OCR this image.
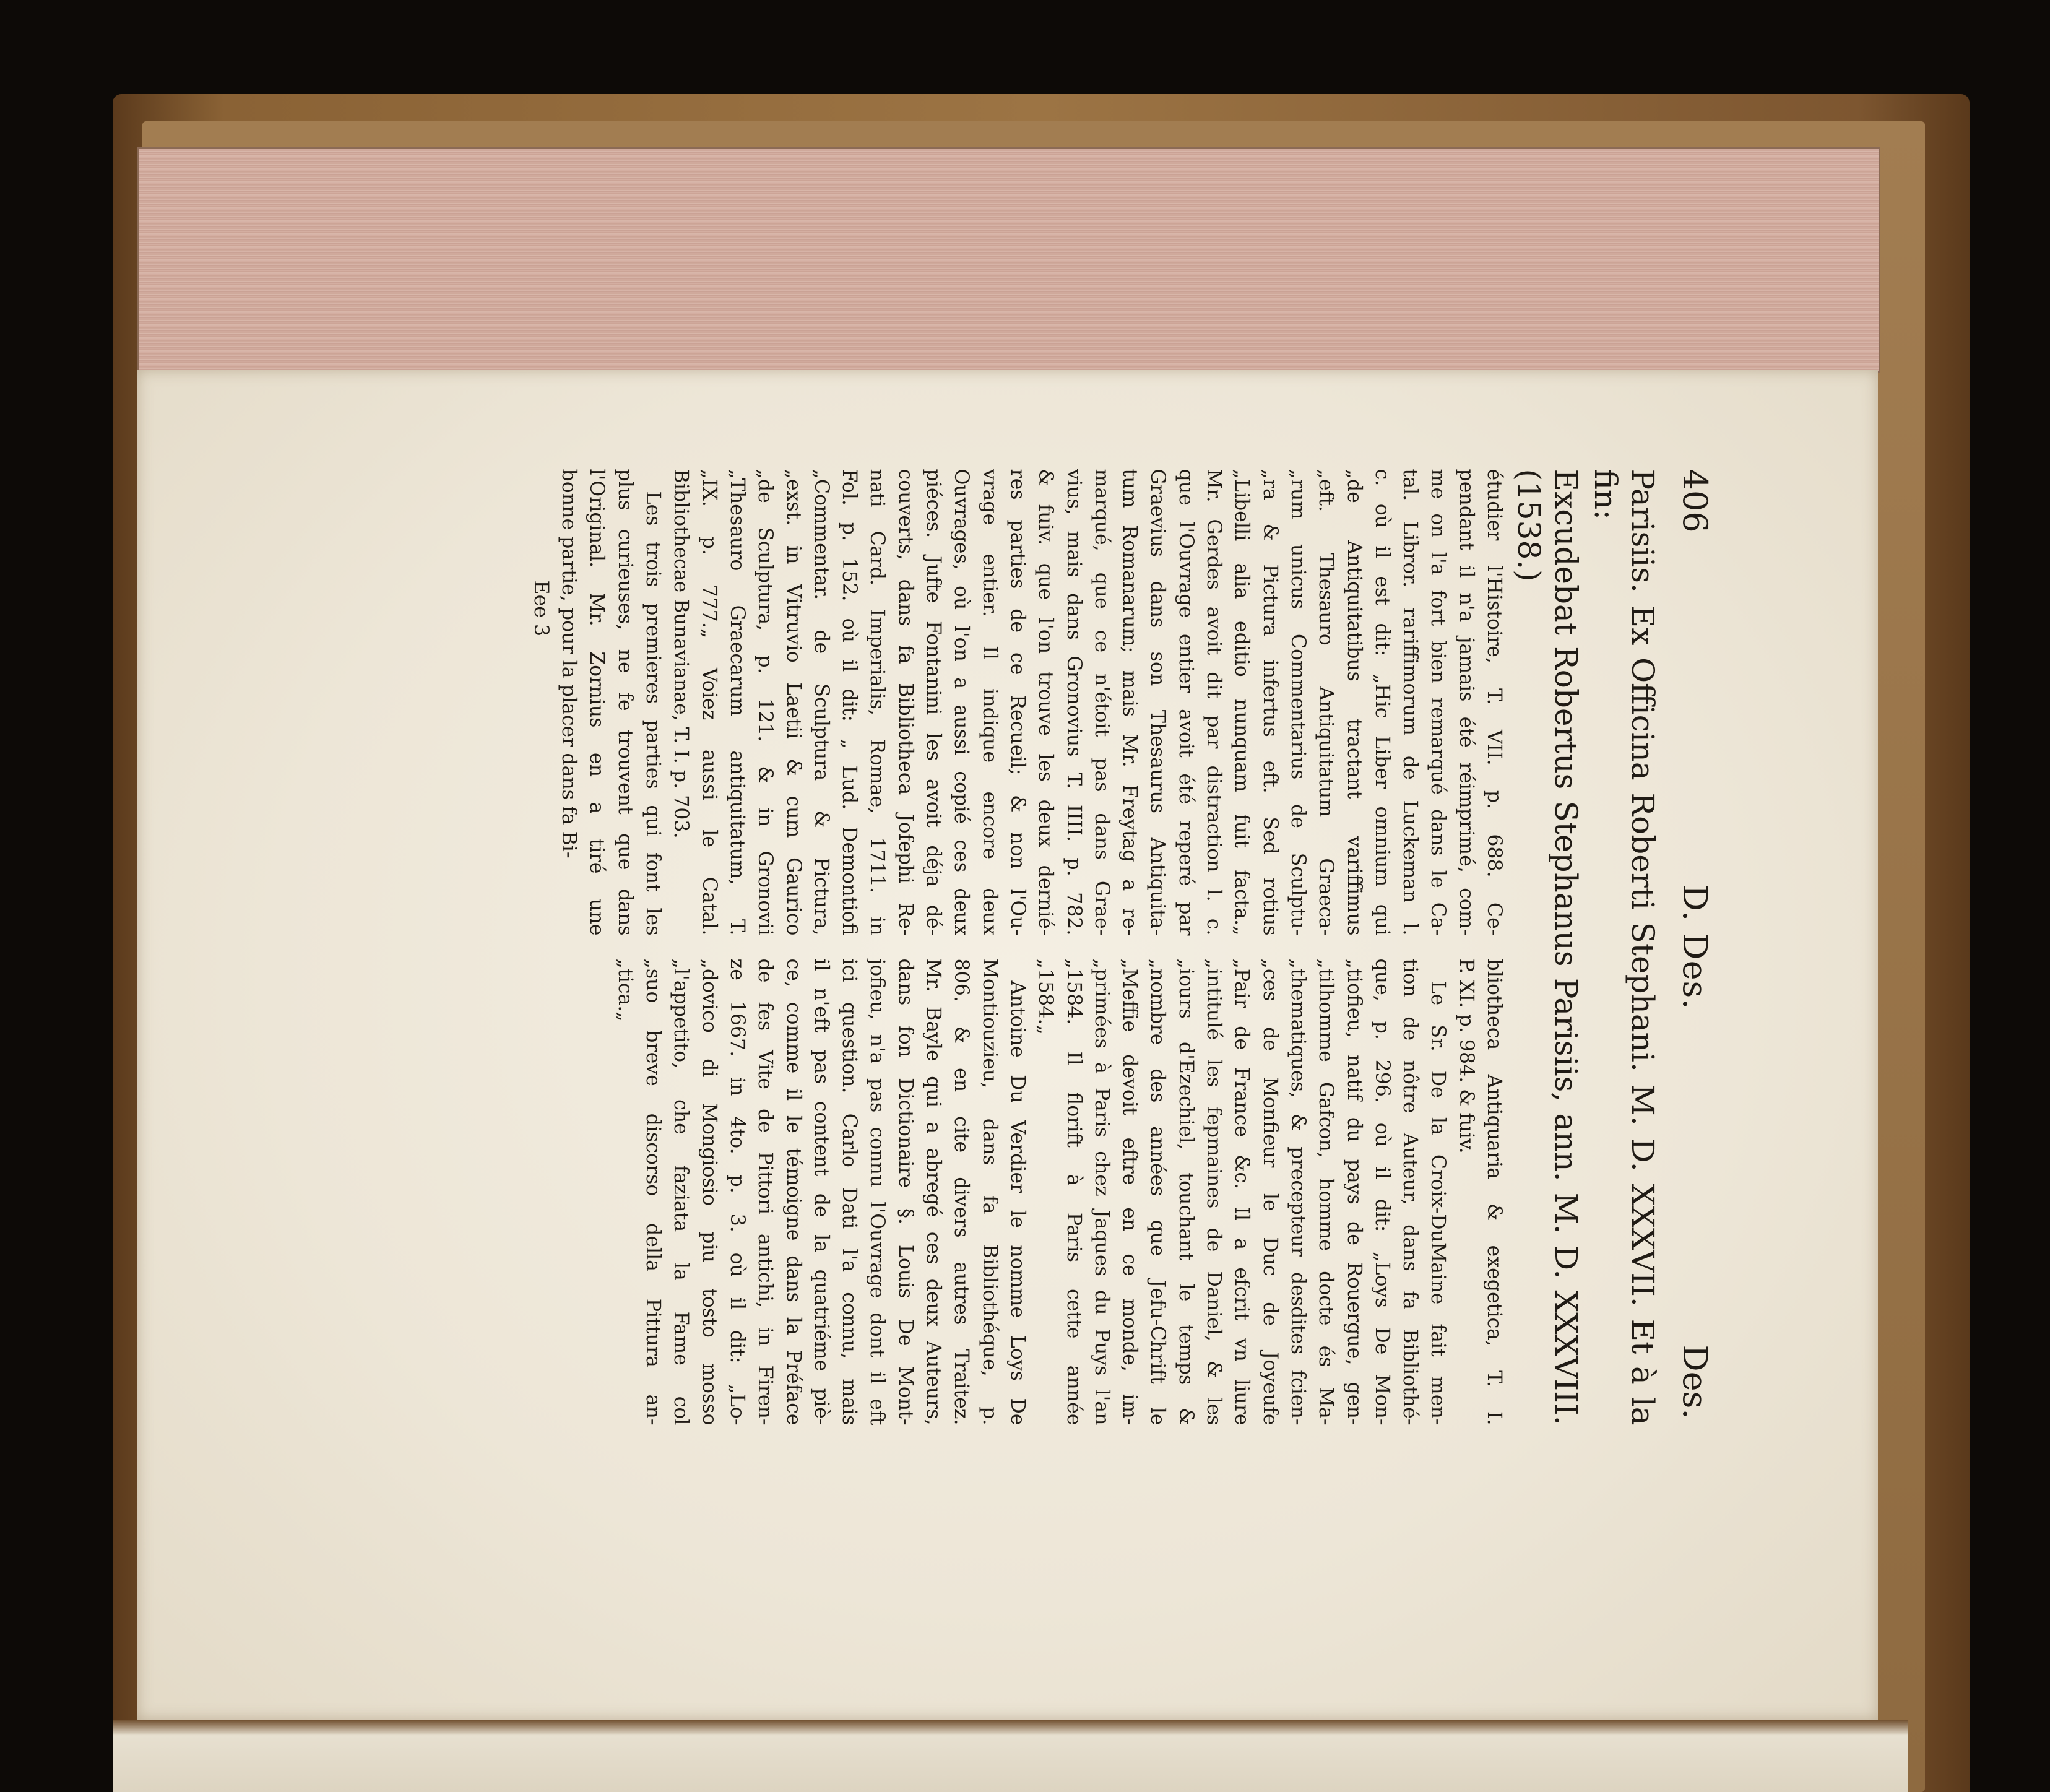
406
D. Des.
Des.
Parisiis. Ex Officina Roberti Stephani. M. D. XXXVII. Et à la fin:
Excudebat Robertus Stephanus Parisiis, ann. M. D. XXXVIII. (1538.)
étudier l'Histoire, T. VII. p. 688. Ce-
pendant il n'a jamais été réimprimé, com-
me on l'a fort bien remarqué dans le Ca-
tal. Libror. rariffimorum de Luckeman l.
c. où il est dit: „Hic Liber omnium qui
„de Antiquitatibus tractant variffimus
„eft. Thesauro Antiquitatum Graeca-
„rum unicus Commentarius de Sculptu-
„ra & Pictura infertus eft. Sed rotius
„Libelli alia editio nunquam fuit facta.„
Mr. Gerdes avoit dit par distraction l. c.
que l'Ouvrage entier avoit été reperé par
Graevius dans son Thesaurus Antiquita-
tum Romanarum; mais Mr. Freytag a re-
marqué, que ce n'étoit pas dans Grae-
vius, mais dans Gronovius T. IIII. p. 782.
& fuiv. que l'on trouve les deux dernié-
res parties de ce Recueil; & non l'Ou-
vrage entier. Il indique encore deux
Ouvrages, où l'on a aussi copié ces deux
piéces. Jufte Fontanini les avoit déja dé-
couverts, dans fa Bibliotheca Jofephi Re-
nati Card. Imperialis, Romae, 1711. in
Fol. p. 152. où il dit: „ Lud. Demontiofi
„Commentar. de Sculptura & Pictura,
„exst. in Vitruvio Laetii & cum Gaurico
„de Sculptura, p. 121. & in Gronovii
„Thesauro Graecarum antiquitatum, T.
„IX. p. 777.„ Voiez aussi le Catal.
Bibliothecae Bunavianae, T. I. p. 703.
Les trois premieres parties qui font les
plus curieuses, ne fe trouvent que dans
l'Original. Mr. Zornius en a tiré une
bonne partie, pour la placer dans fa Bi-
Eee 3
bliotheca Antiquaria & exegetica, T. I.
P. XI. p. 984. & fuiv.
Le Sr. De la Croix-DuMaine fait men-
tion de nôtre Auteur, dans fa Bibliothé-
que, p. 296. où il dit: „Loys De Mon-
„tiofieu, natif du pays de Rouergue, gen-
„tilhomme Gafcon, homme docte és Ma-
„thematiques, & precepteur desdites fcien-
„ces de Monfieur le Duc de Joyeufe
„Pair de France &c. Il a efcrit vn liure
„intitulé les fepmaines de Daniel, & les
„iours d'Ezechiel, touchant le temps &
„nombre des années que Jefu-Chrift le
„Meffie devoit eftre en ce monde, im-
„primées à Paris chez Jaques du Puys l'an
„1584. Il florift à Paris cette année
„1584.„
Antoine Du Verdier le nomme Loys De
Montiouzieu, dans fa Bibliothéque, p.
806. & en cite divers autres Traitez.
Mr. Bayle qui a abregé ces deux Auteurs,
dans fon Dictionaire §. Louis De Mont-
jofieu, n'a pas connu l'Ouvrage dont il eft
ici question. Carlo Dati l'a connu, mais
il n'eft pas content de la quatriéme piè-
ce, comme il le témoigne dans la Préface
de fes Vite de Pittori antichi, in Firen-
ze 1667. in 4to. p. 3. où il dit: „Lo-
„dovico di Mongiosio piu tosto mosso
„l'appetito, che faziata la Fame col
„suo breve discorso della Pittura an-
„tica.„
